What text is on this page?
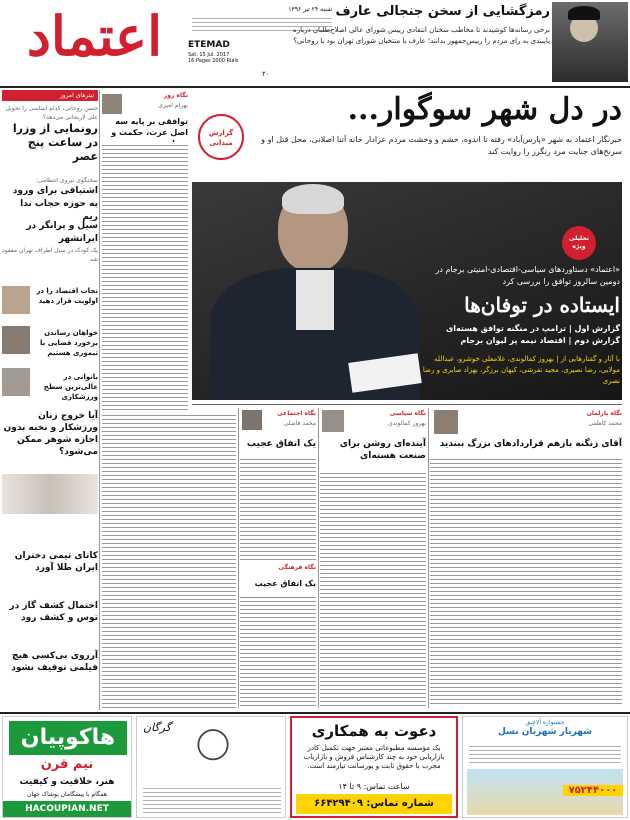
اعتماد	ETEMAD
Sat. 15 Jul. 2017
16 Pages 2000 Rials
۲۰
شنبه ۲۴ تیر ۱۳۹۶ رمزگشایی از سخن جنجالی عارف
برخی رسانه‌ها کوشیدند تا مخاطب سخنان انتقادی رییس شورای عالی اصلاح‌طلبان درباره پایبندی به رای مردم را رییس‌جمهور بدانند؛ عارف با منتخبان شورای تهران بود یا روحانی؟
تیترهای امروز
حسن روحانی، کدام اساسی را تحویل علی لاریجانی می‌دهد؟
رونمایی از وزرا در ساعت پنج عصر
سخنگوی نیروی انتظامی:
اشتیاقی برای ورود به حوزه حجاب ندا ریم
سیل و برانگر در ایرانشهر
یک کودک در سیل اطراف تهران مفقود شد
نجات اقتصاد را در اولویت قرار دهید
خواهان رساندن برخورد قضایی با تیموری هستیم
بانوانی در عالی‌ترین سطح ورزشکاری
آیا خروج زنان ورزشکار و نخبه بدون اجازه شوهر ممکن می‌شود؟
کاتای تیمی دختران ایران طلا آورد
احتمال کشف گاز در توس و کشف رود
آرزوی بی‌کسی هیچ فیلمی توقیف نشود
نگاه روز
بهرام امیری
توافقی بر پایه سه اصل عزت، حکمت و
در دل شهر سوگوار...
خبرنگار اعتماد به شهر «پارس‌آباد» رفته تا اندوه، خشم و وحشت مردم عزادار خانه آتنا اصلانی، محل قتل او و سرنخ‌های جنایت مرد رنگرز را روایت کند
گزارش میدانی
تحلیلی ویژه
«اعتماد» دستاوردهای سیاسی-اقتصادی-امنیتی برجام در دومین سالروز توافق را بررسی کرد
ایستاده در توفان‌ها
گزارش اول | ترامپ در منگنه توافق هسته‌ای
گزارش دوم | اقتصاد نیمه پر لیوان برجام
با آثار و گفتارهایی از | بهروز کمالوندی، غلامعلی خوشرو، عبدالله مولایی، رضا نصیری، مجید تفرشی، کیهان برزگر، بهزاد صابری و رضا نصری
نگاه پارلمان
محمد کاظمی
آقای زنگنه بازهم قراردادهای بزرگ ببندید
نگاه سیاسی
بهروز کمالوندی
آینده‌ای روشن برای صنعت هسته‌ای
نگاه اجتماعی
محمد فاضلی
یک اتفاق عجیب
نگاه فرهنگی
یک اتفاق عجیب
هاکوپیان
نیم قرن
هنر، خلاقیت و کیفیت
همگام با پیشگامان پوشاک جهان
HACOUPIAN.NET
گرگان	دعوت به همکاری
یک مؤسسه مطبوعاتی معتبر جهت تکمیل کادر بازاریابی خود به چند کارشناس فروش و بازاریاب مجرب با حقوق ثابت و پورسانت نیازمند است.
ساعت تماس: ۹ تا ۱۴
شماره تماس: ۶۶۴۲۹۴۰۹
جشنواره آلاچیق
شهربار شهربان نسل
۷۵۲۴۴۰۰۰
